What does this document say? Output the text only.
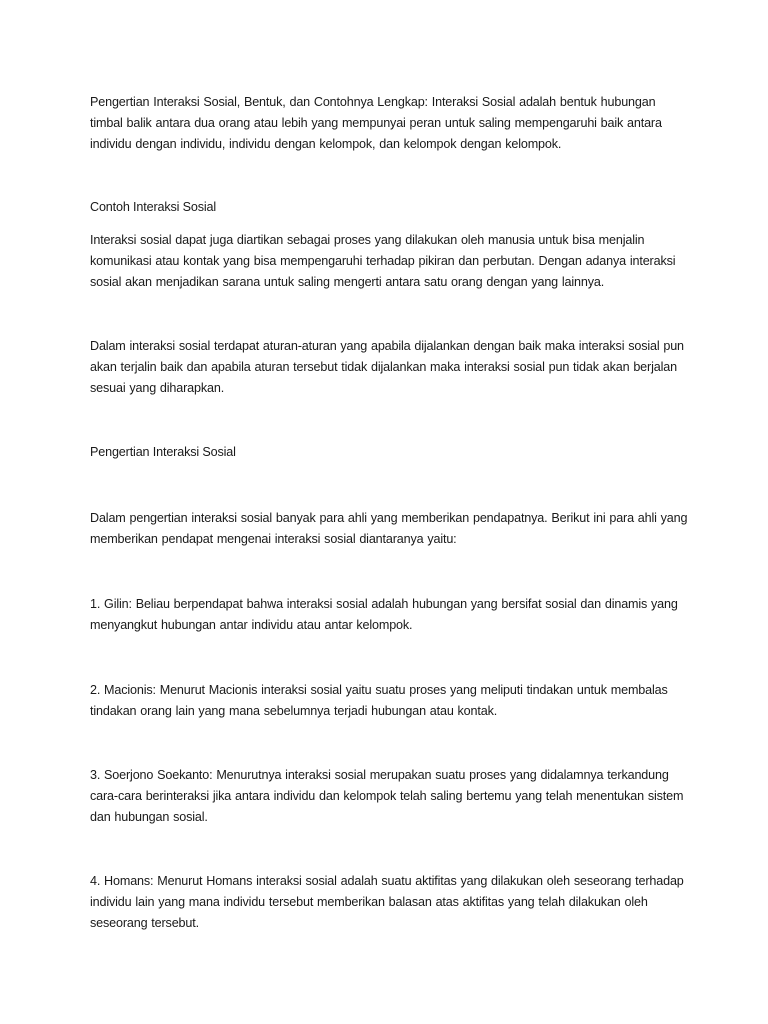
Pengertian Interaksi Sosial, Bentuk, dan Contohnya Lengkap: Interaksi Sosial adalah bentuk hubungan timbal balik antara dua orang atau lebih yang mempunyai peran untuk saling mempengaruhi baik antara individu dengan individu, individu dengan kelompok, dan kelompok dengan kelompok.

Contoh Interaksi Sosial

Interaksi sosial dapat juga diartikan sebagai proses yang dilakukan oleh manusia untuk bisa menjalin komunikasi atau kontak yang bisa mempengaruhi terhadap pikiran dan perbutan. Dengan adanya interaksi sosial akan menjadikan sarana untuk saling mengerti antara satu orang dengan yang lainnya.

Dalam interaksi sosial terdapat aturan-aturan yang apabila dijalankan dengan baik maka interaksi sosial pun akan terjalin baik dan apabila aturan tersebut tidak dijalankan maka interaksi sosial pun tidak akan berjalan sesuai yang diharapkan.

Pengertian Interaksi Sosial

Dalam pengertian interaksi sosial banyak para ahli yang memberikan pendapatnya. Berikut ini para ahli yang memberikan pendapat mengenai interaksi sosial diantaranya yaitu:

1. Gilin: Beliau berpendapat bahwa interaksi sosial adalah hubungan yang bersifat sosial dan dinamis yang menyangkut hubungan antar individu atau antar kelompok.

2. Macionis: Menurut Macionis interaksi sosial yaitu suatu proses yang meliputi tindakan untuk membalas tindakan orang lain yang mana sebelumnya terjadi hubungan atau kontak.

3. Soerjono Soekanto: Menurutnya interaksi sosial merupakan suatu proses yang didalamnya terkandung cara-cara berinteraksi jika antara individu dan kelompok telah saling bertemu yang telah menentukan sistem dan hubungan sosial.

4. Homans: Menurut Homans interaksi sosial adalah suatu aktifitas yang dilakukan oleh seseorang terhadap individu lain yang mana individu tersebut memberikan balasan atas aktifitas yang telah dilakukan oleh seseorang tersebut.
